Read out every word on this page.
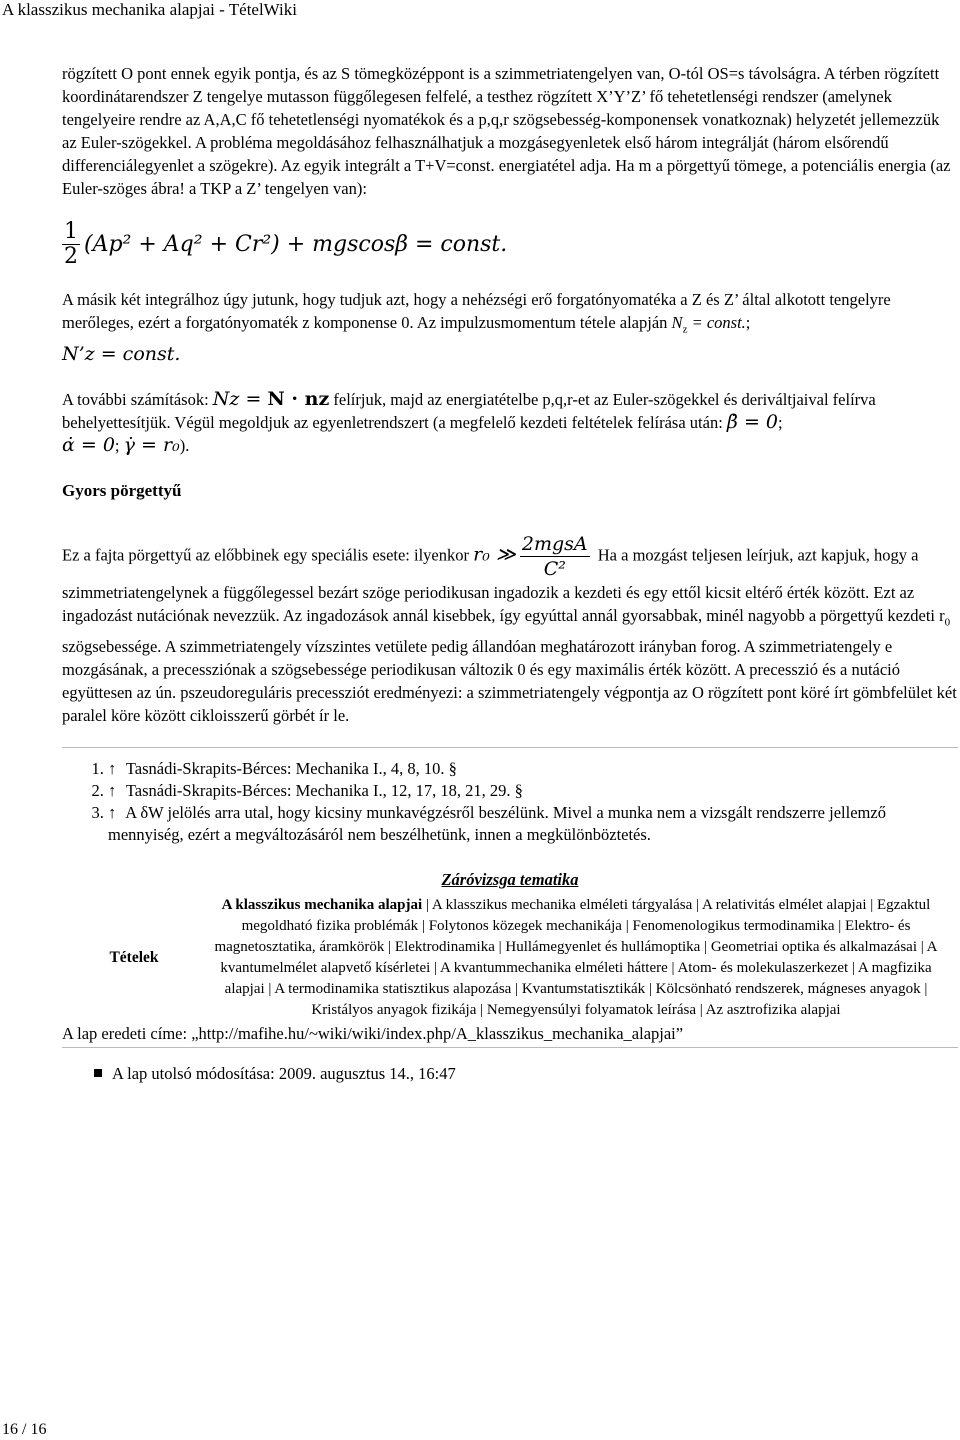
A klasszikus mechanika alapjai - TételWiki

rögzített O pont ennek egyik pontja, és az S tömegközéppont is a szimmetriatengelyen van, O-tól OS=s távolságra. A térben rögzített koordinátarendszer Z tengelye mutasson függőlegesen felfelé, a testhez rögzített X’Y’Z’ fő tehetetlenségi rendszer (amelynek tengelyeire rendre az A,A,C fő tehetetlenségi nyomatékok és a p,q,r szögsebesség-komponensek vonatkoznak) helyzetét jellemezzük az Euler-szögekkel. A probléma megoldásához felhasználhatjuk a mozgásegyenletek első három integrálját (három elsőrendű differenciálegyenlet a szögekre). Az egyik integrált a T+V=const. energiatétel adja. Ha m a pörgettyű tömege, a potenciális energia (az Euler-szöges ábra! a TKP a Z’ tengelyen van):

$\frac{1}{2} (Ap^2 + Aq^2 + Cr^2) + mgscos\beta$ = const.

A másik két integrálhoz úgy jutunk, hogy tudjuk azt, hogy a nehézségi erő forgatónyomatéka a Z és Z’ által alkotott tengelyre merőleges, ezért a forgatónyomaték z komponense 0. Az impulzusmomentum tétele alapján $N_z$ = const.;

N’z = const.

A további számítások: Nz = N · nz felírjuk, majd az energiatételbe p,q,r-et az Euler-szögekkel és deriváltjaival felírva behelyettesítjük. Végül megoldjuk az egyenletrendszert (a megfelelő kezdeti feltételek felírása után: β̇ = 0;
α̇ = 0; γ̇ = r₀).

Gyors pörgettyű

Ez a fajta pörgettyű az előbbinek egy speciális esete: ilyenkor r₀ ≫ $\frac{\text{2mgsA}}{\text{C²}}$ Ha a mozgást teljesen leírjuk, azt kapjuk, hogy a szimmetriatengelynek a függőlegessel bezárt szöge periodikusan ingadozik a kezdeti és egy ettől kicsit eltérő érték között. Ezt az ingadozást nutációnak nevezzük. Az ingadozások annál kisebbek, így egyúttal annál gyorsabbak, minél nagyobb a pörgettyű kezdeti $r_0$ szögsebessége. A szimmetriatengely vízszintes vetülete pedig állandóan meghatározott irányban forog. A szimmetriatengely e mozgásának, a precessziónak a szögsebessége periodikusan változik 0 és egy maximális érték között. A precesszió és a nutáció együttesen az ún. pszeudoreguláris precessziót eredményezi: a szimmetriatengely végpontja az O rögzített pont köré írt gömbfelület két paralel köre között cikloisszerű görbét ír le.

1. ↑ Tasnádi-Skrapits-Bérces: Mechanika I., 4, 8, 10. §
2. ↑ Tasnádi-Skrapits-Bérces: Mechanika I., 12, 17, 18, 21, 29. §
3. ↑ A δW jelölés arra utal, hogy kicsiny munkavégzésről beszélünk. Mivel a munka nem a vizsgált rendszerre jellemző mennyiség, ezért a megváltozásáról nem beszélhetünk, innen a megkülönböztetés.
Záróvizsga tematika
Tételek
A klasszikus mechanika alapjai | A klasszikus mechanika elméleti tárgyalása | A relativitás elmélet alapjai | Egzaktul megoldható fizika problémák | Folytonos közegek mechanikája | Fenomenologikus termodinamika | Elektro- és magnetosztatika, áramkörök | Elektrodinamika | Hullámegyenlet és hullámoptika | Geometriai optika és alkalmazásai | A kvantumelmélet alapvető kísérletei | A kvantummechanika elméleti háttere | Atom- és molekulaszerkezet | A magfizika alapjai | A termodinamika statisztikus alapozása | Kvantumstatisztikák | Kölcsönható rendszerek, mágneses anyagok | Kristályos anyagok fizikája | Nemegyensúlyi folyamatok leírása | Az asztrofizika alapjai
A lap eredeti címe: „http://mafihe.hu/~wiki/wiki/index.php/A_klasszikus_mechanika_alapjai”
A lap utolsó módosítása: 2009. augusztus 14., 16:47
16 / 16
